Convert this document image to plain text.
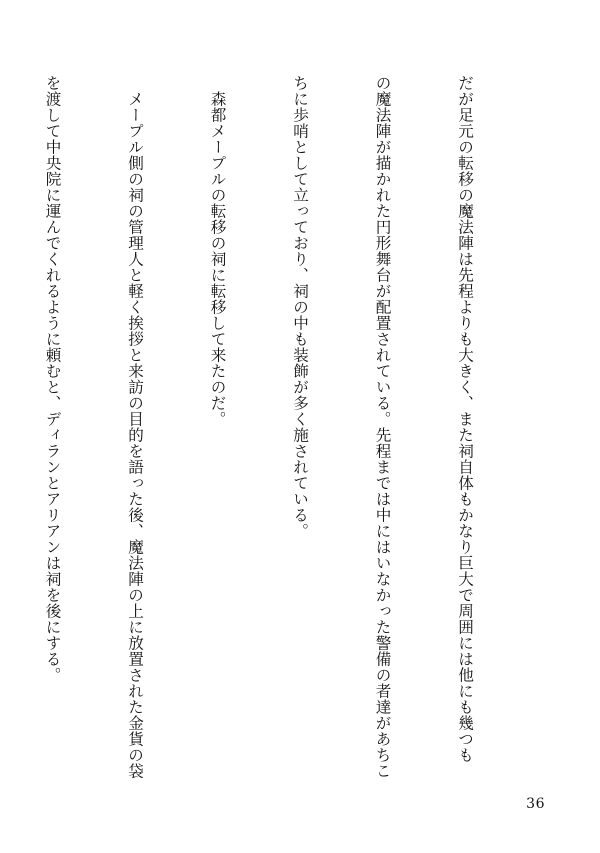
だが足元の転移の魔法陣は先程よりも大きく、また祠自体もかなり巨大で周囲には他にも幾つも

の魔法陣が描かれた円形舞台が配置されている。先程までは中にはいなかった警備の者達があちこ

ちに歩哨として立っており、祠の中も装飾が多く施されている。

　森都メープルの転移の祠に転移して来たのだ。

　メープル側の祠の管理人と軽く挨拶と来訪の目的を語った後、魔法陣の上に放置された金貨の袋

を渡して中央院に運んでくれるように頼むと、ディランとアリアンは祠を後にする。

36
